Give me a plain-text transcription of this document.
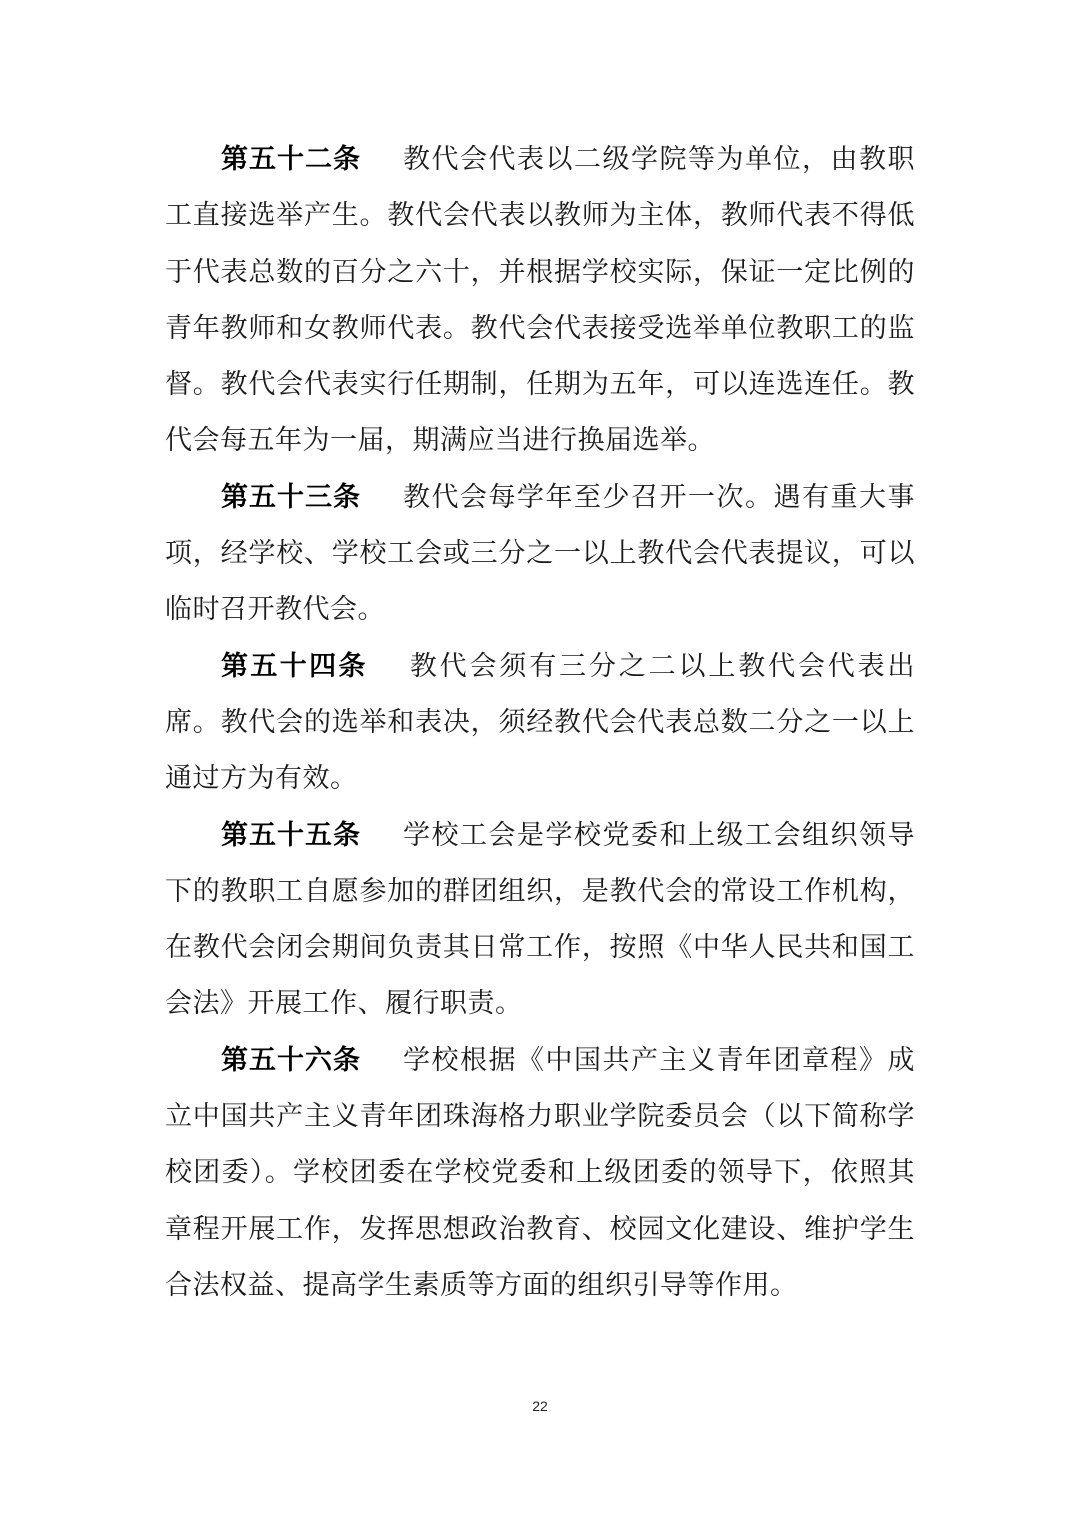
第五十二条 教代会代表以二级学院等为单位，由教职工直接选举产生。教代会代表以教师为主体，教师代表不得低于代表总数的百分之六十，并根据学校实际，保证一定比例的青年教师和女教师代表。教代会代表接受选举单位教职工的监督。教代会代表实行任期制，任期为五年，可以连选连任。教代会每五年为一届，期满应当进行换届选举。

第五十三条 教代会每学年至少召开一次。遇有重大事项，经学校、学校工会或三分之一以上教代会代表提议，可以临时召开教代会。

第五十四条 教代会须有三分之二以上教代会代表出席。教代会的选举和表决，须经教代会代表总数二分之一以上通过方为有效。

第五十五条 学校工会是学校党委和上级工会组织领导下的教职工自愿参加的群团组织，是教代会的常设工作机构，在教代会闭会期间负责其日常工作，按照《中华人民共和国工会法》开展工作、履行职责。

第五十六条 学校根据《中国共产主义青年团章程》成立中国共产主义青年团珠海格力职业学院委员会（以下简称学校团委）。学校团委在学校党委和上级团委的领导下，依照其章程开展工作，发挥思想政治教育、校园文化建设、维护学生合法权益、提高学生素质等方面的组织引导等作用。

22
